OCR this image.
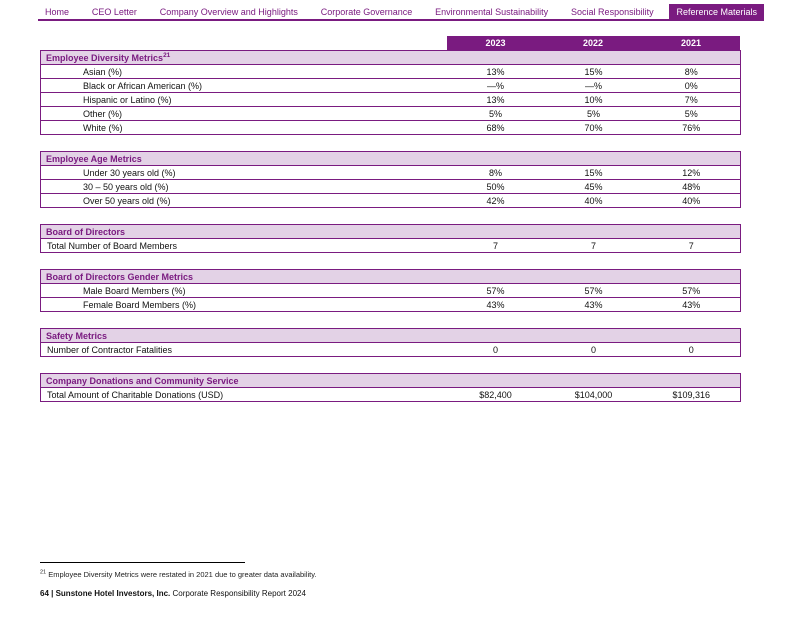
Home	CEO Letter	Company Overview and Highlights	Corporate Governance	Environmental Sustainability	Social Responsibility	Reference Materials
	2023	2022	2021
Employee Diversity Metrics$^{21}$
Asian (%)	13%	15%	8%
Black or African American (%)	—%	—%	0%
Hispanic or Latino (%)	13%	10%	7%
Other (%)	5%	5%	5%
White (%)	68%	70%	76%
Employee Age Metrics			
Under 30 years old (%)	8%	15%	12%
30 – 50 years old (%)	50%	45%	48%
Over 50 years old (%)	42%	40%	40%
Board of Directors
Total Number of Board Members	7	7	7
Board of Directors Gender Metrics			
Male Board Members (%)	57%	57%	57%
Female Board Members (%)	43%	43%	43%
Safety Metrics
Number of Contractor Fatalities	0	0	0
Company Donations and Community Service
Total Amount of Charitable Donations (USD)	$82,400	$104,000	$109,316
$^{21}$ Employee Diversity Metrics were restated in 2021 due to greater data availability.
64 | Sunstone Hotel Investors, Inc. Corporate Responsibility Report 2024
